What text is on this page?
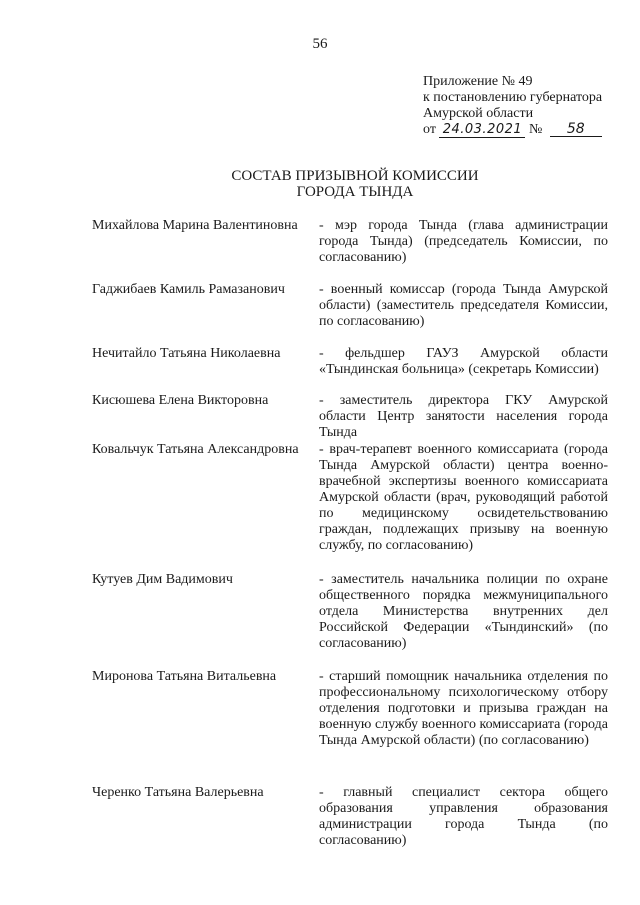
56
Приложение № 49
к постановлению губернатора
Амурской области
от 24.03.2021 № 58
СОСТАВ ПРИЗЫВНОЙ КОМИССИИ
ГОРОДА ТЫНДА
Михайлова Марина Валентиновна	- мэр города Тында (глава администрации города Тында) (председатель Комиссии, по согласованию)
Гаджибаев Камиль Рамазанович	- военный комиссар (города Тында Амурской области) (заместитель председателя Комиссии, по согласованию)
Нечитайло Татьяна Николаевна	- фельдшер ГАУЗ Амурской области «Тындинская больница» (секретарь Комиссии)
Кисюшева Елена Викторовна	- заместитель директора ГКУ Амурской области Центр занятости населения города Тында
Ковальчук Татьяна Александровна	- врач-терапевт военного комиссариата (города Тында Амурской области) центра военно-врачебной экспертизы военного комиссариата Амурской области (врач, руководящий работой по медицинскому освидетельствованию граждан, подлежащих призыву на военную службу, по согласованию)
Кутуев Дим Вадимович	- заместитель начальника полиции по охране общественного порядка межмуниципального отдела Министерства внутренних дел Российской Федерации «Тындинский» (по согласованию)
Миронова Татьяна Витальевна	- старший помощник начальника отделения по профессиональному психологическому отбору отделения подготовки и призыва граждан на военную службу военного комиссариата (города Тында Амурской области) (по согласованию)
Черенко Татьяна Валерьевна	- главный специалист сектора общего образования управления образования администрации города Тында (по согласованию)
